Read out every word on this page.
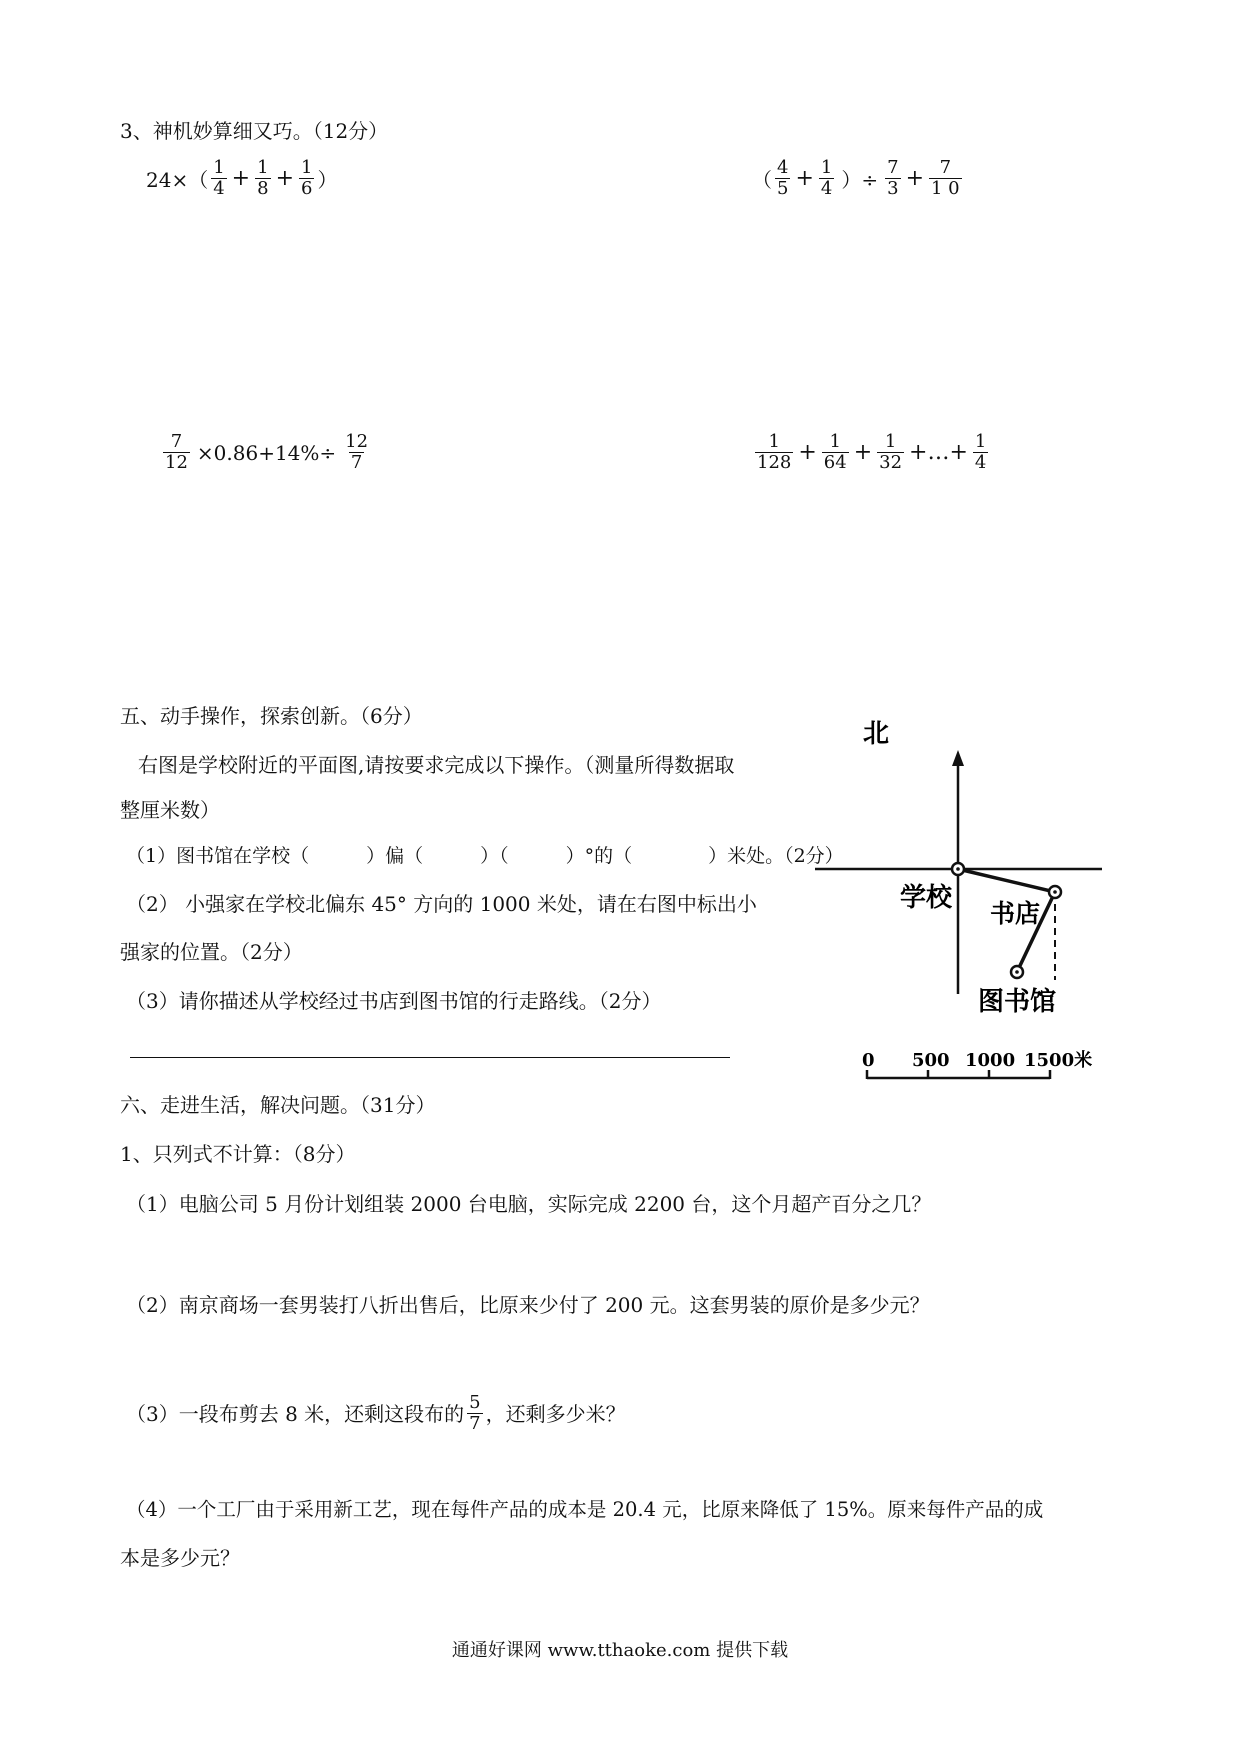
3、神机妙算细又巧。（12分）
$24\times( \frac{1}{4} + \frac{1}{8} + \frac{1}{6}$ ）	（ $\frac{4}{5} + \frac{1}{4}$ ）÷ $\frac{7}{3} + \frac{7}{1 0}$
$\frac{7}{12} \times 0.86+14\%\div \frac{12}{7}$	$\frac{1}{128} + \frac{1}{64} + \frac{1}{32}$ +…+ $\frac{1}{4}$
五、动手操作，探索创新。（6分）
右图是学校附近的平面图,请按要求完成以下操作。（测量所得数据取
整厘米数）
（1）图书馆在学校（　　　）偏（　　　）（　　　）°的（　　　　）米处。（2分）
（2） 小强家在学校北偏东 45° 方向的 1000 米处，请在右图中标出小
强家的位置。（2分）
（3）请你描述从学校经过书店到图书馆的行走路线。（2分）
北
学校
书店
图书馆
0 500 1000 1500米
六、走进生活，解决问题。（31分）
1、只列式不计算：（8分）
（1）电脑公司 5 月份计划组装 2000 台电脑，实际完成 2200 台，这个月超产百分之几？
（2）南京商场一套男装打八折出售后，比原来少付了 200 元。这套男装的原价是多少元？
（3）一段布剪去 8 米，还剩这段布的 $\frac{5}{7}$ ，还剩多少米？
（4）一个工厂由于采用新工艺，现在每件产品的成本是 20.4 元，比原来降低了 15%。原来每件产品的成
本是多少元？
通通好课网 www.tthaoke.com 提供下载
